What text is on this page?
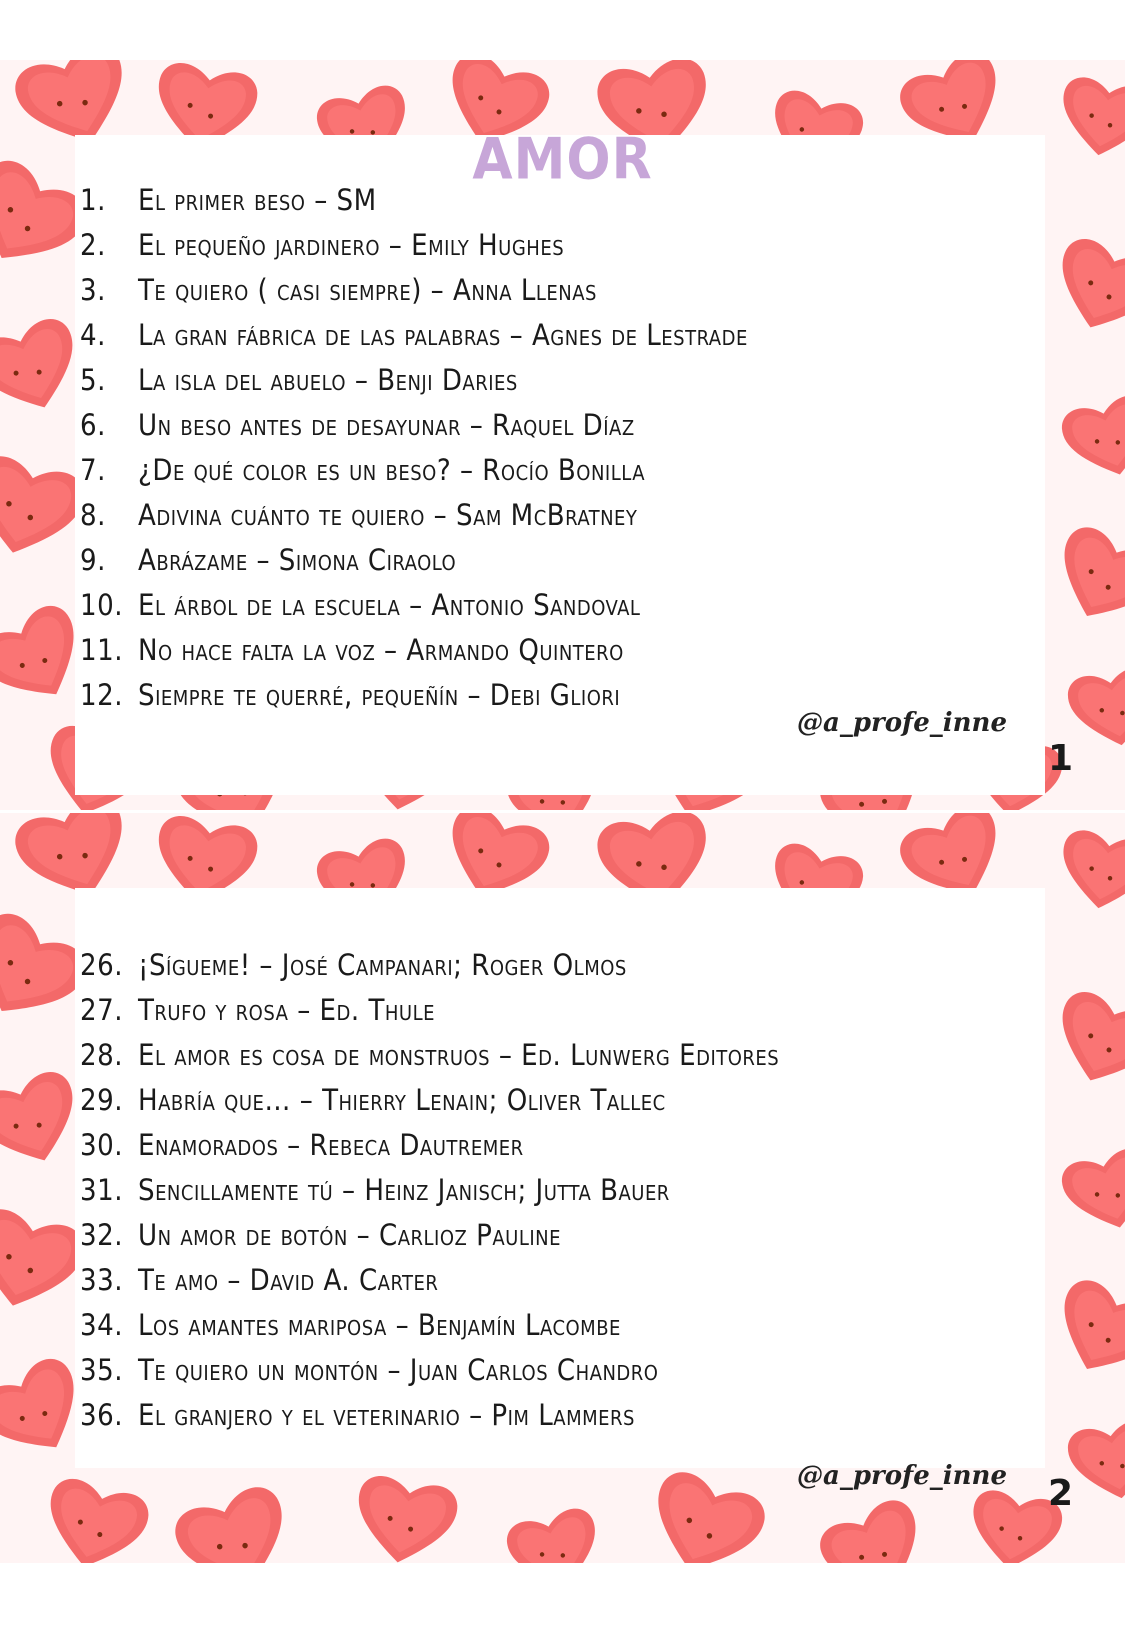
AMOR
1. El primer beso – SM
2. El pequeño jardinero – Emily Hughes
3. Te quiero ( casi siempre) – Anna Llenas
4. La gran fábrica de las palabras – Agnes de Lestrade
5. La isla del abuelo – Benji Daries
6. Un beso antes de desayunar – Raquel Díaz
7. ¿De qué color es un beso? – Rocío Bonilla
8. Adivina cuánto te quiero – Sam McBratney
9. Abrázame – Simona Ciraolo
10. El árbol de la escuela – Antonio Sandoval
11. No hace falta la voz – Armando Quintero
12. Siempre te querré, pequeñín – Debi Gliori
@a_profe_inne
1
26. ¡Sígueme! – José Campanari; Roger Olmos
27. Trufo y rosa – Ed. Thule
28. El amor es cosa de monstruos – Ed. Lunwerg Editores
29. Habría que… – Thierry Lenain; Oliver Tallec
30. Enamorados – Rebeca Dautremer
31. Sencillamente tú – Heinz Janisch; Jutta Bauer
32. Un amor de botón – Carlioz Pauline
33. Te amo – David A. Carter
34. Los amantes mariposa – Benjamín Lacombe
35. Te quiero un montón – Juan Carlos Chandro
36. El granjero y el veterinario – Pim Lammers
@a_profe_inne 2
